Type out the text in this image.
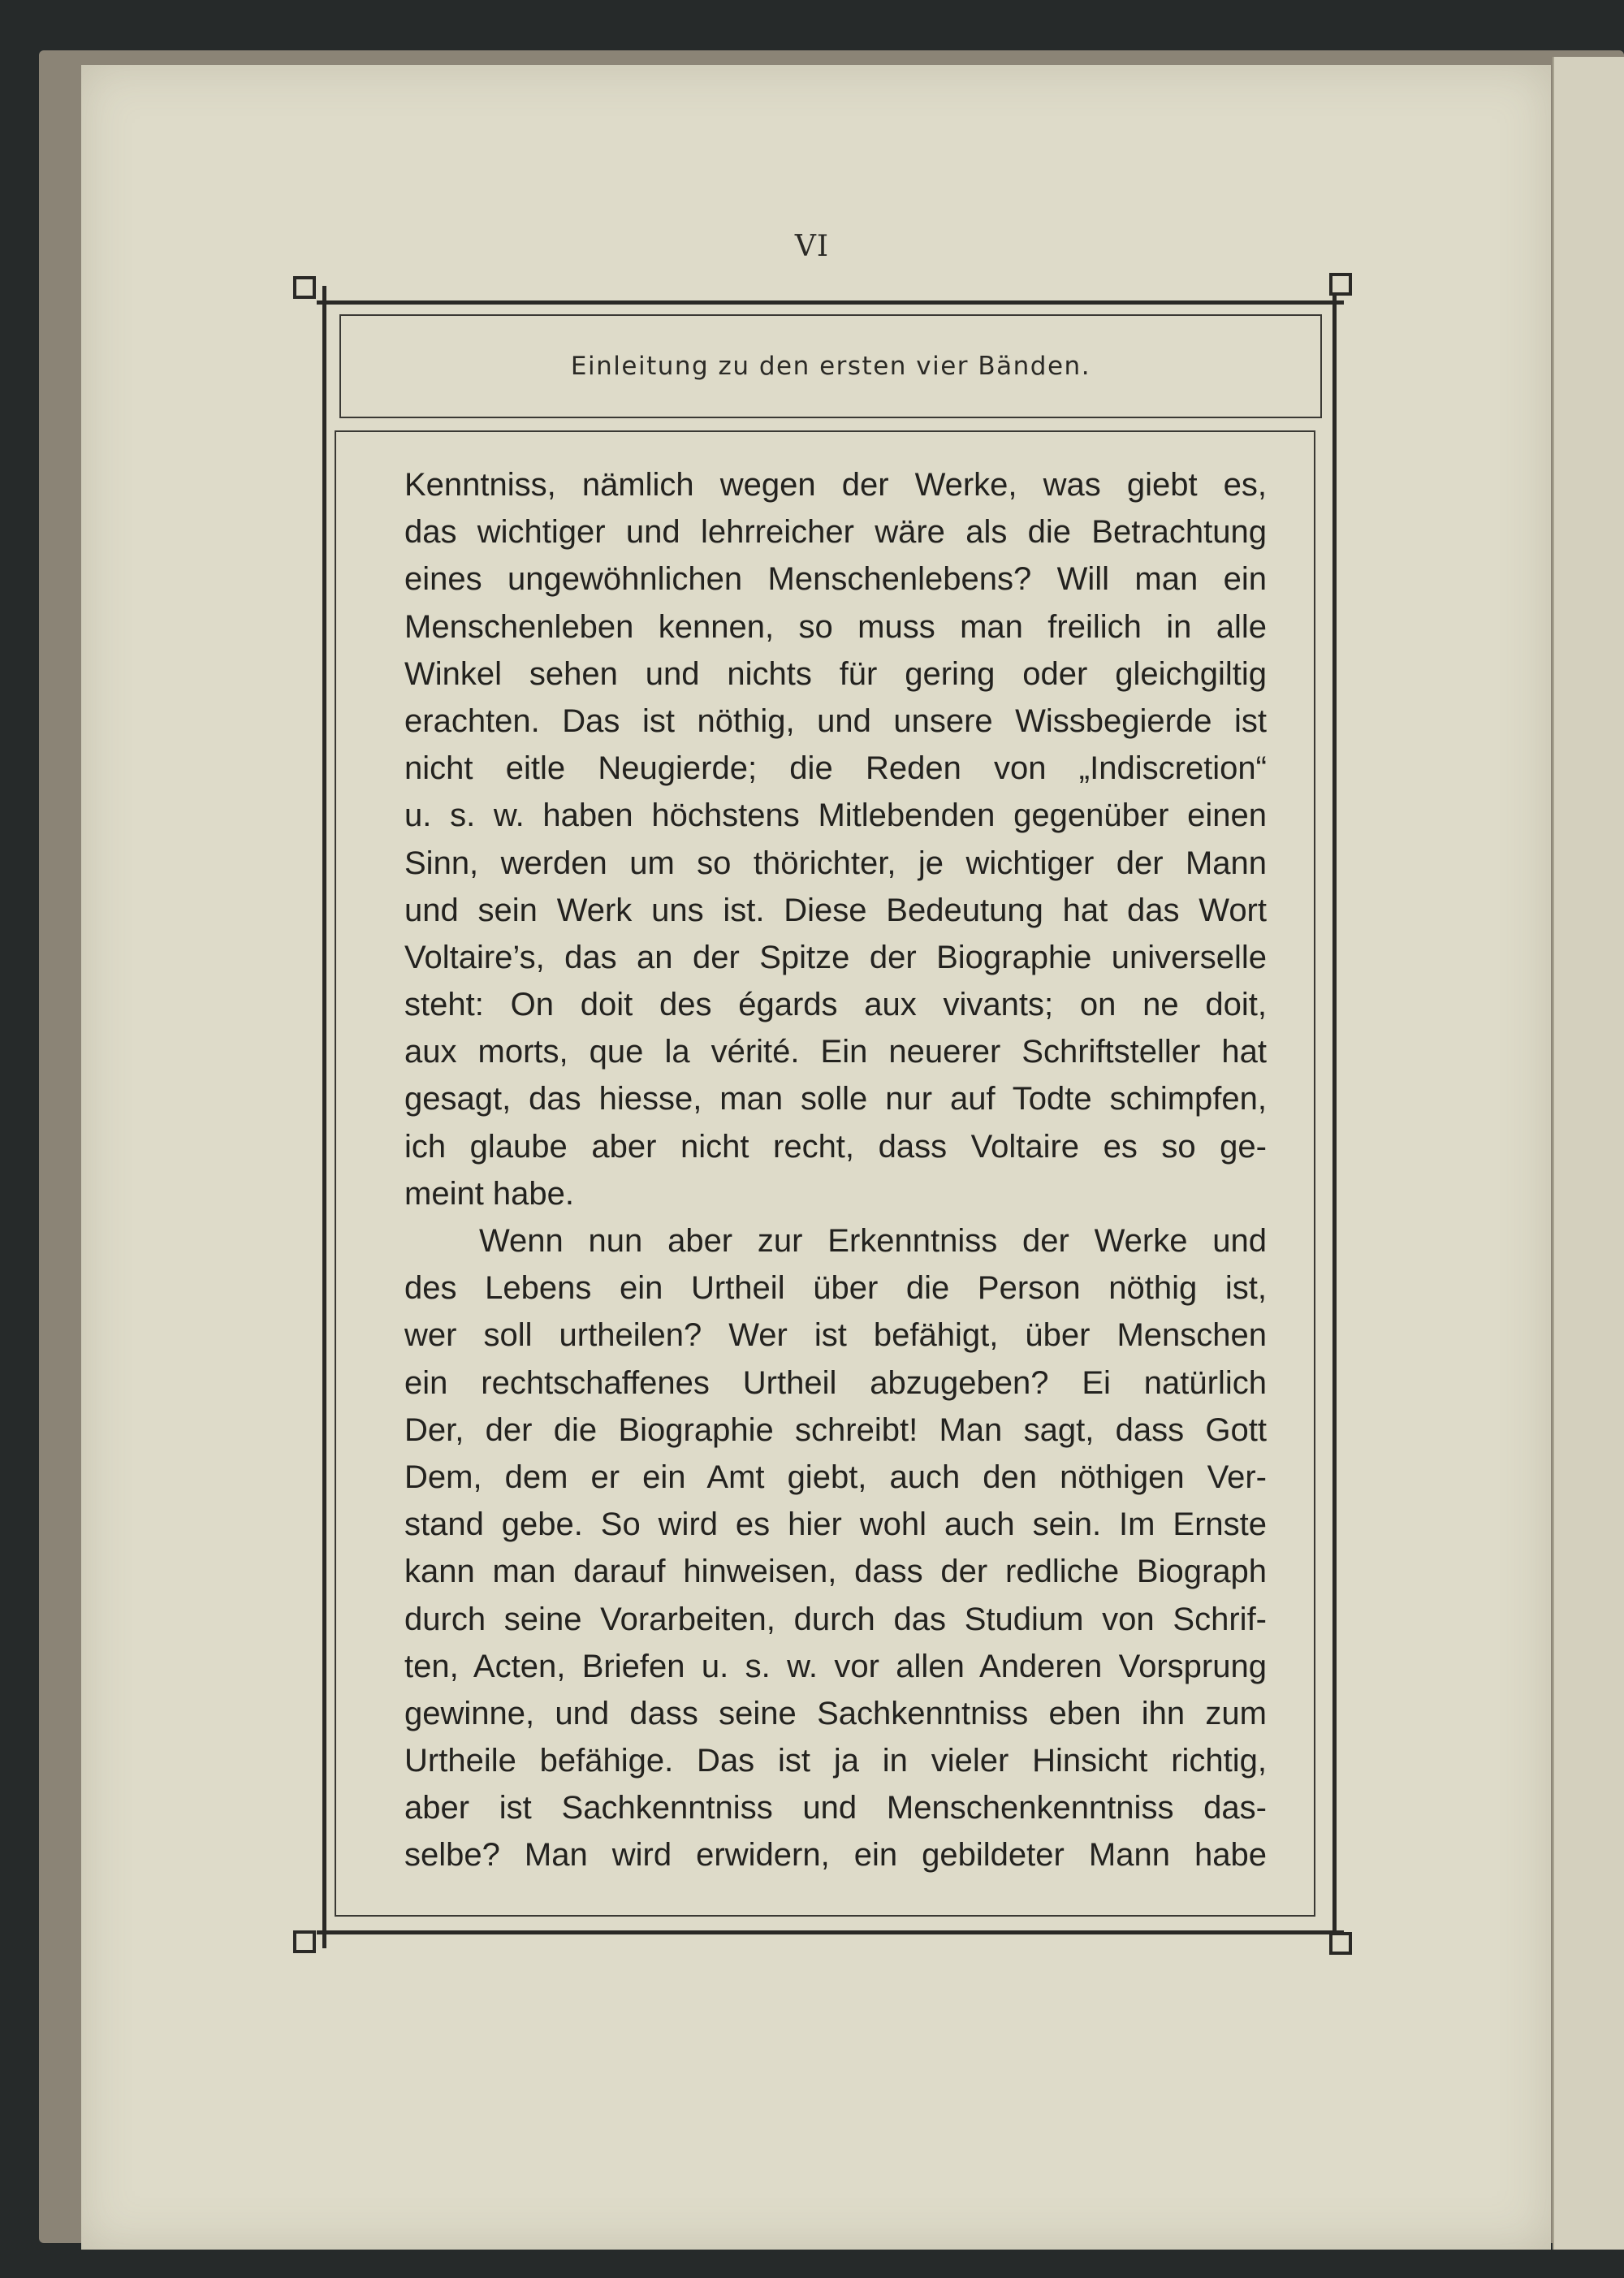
VI
Einleitung zu den ersten vier Bänden.
Kenntniss, nämlich wegen der Werke, was giebt es,
das wichtiger und lehrreicher wäre als die Betrachtung
eines ungewöhnlichen Menschenlebens? Will man ein
Menschenleben kennen, so muss man freilich in alle
Winkel sehen und nichts für gering oder gleichgiltig
erachten. Das ist nöthig, und unsere Wissbegierde ist
nicht eitle Neugierde; die Reden von „Indiscretion“
u. s. w. haben höchstens Mitlebenden gegenüber einen
Sinn, werden um so thörichter, je wichtiger der Mann
und sein Werk uns ist. Diese Bedeutung hat das Wort
Voltaire’s, das an der Spitze der Biographie universelle
steht: On doit des égards aux vivants; on ne doit,
aux morts, que la vérité. Ein neuerer Schriftsteller hat
gesagt, das hiesse, man solle nur auf Todte schimpfen,
ich glaube aber nicht recht, dass Voltaire es so ge-
meint habe.
Wenn nun aber zur Erkenntniss der Werke und
des Lebens ein Urtheil über die Person nöthig ist,
wer soll urtheilen? Wer ist befähigt, über Menschen
ein rechtschaffenes Urtheil abzugeben? Ei natürlich
Der, der die Biographie schreibt! Man sagt, dass Gott
Dem, dem er ein Amt giebt, auch den nöthigen Ver-
stand gebe. So wird es hier wohl auch sein. Im Ernste
kann man darauf hinweisen, dass der redliche Biograph
durch seine Vorarbeiten, durch das Studium von Schrif-
ten, Acten, Briefen u. s. w. vor allen Anderen Vorsprung
gewinne, und dass seine Sachkenntniss eben ihn zum
Urtheile befähige. Das ist ja in vieler Hinsicht richtig,
aber ist Sachkenntniss und Menschenkenntniss das-
selbe? Man wird erwidern, ein gebildeter Mann habe
